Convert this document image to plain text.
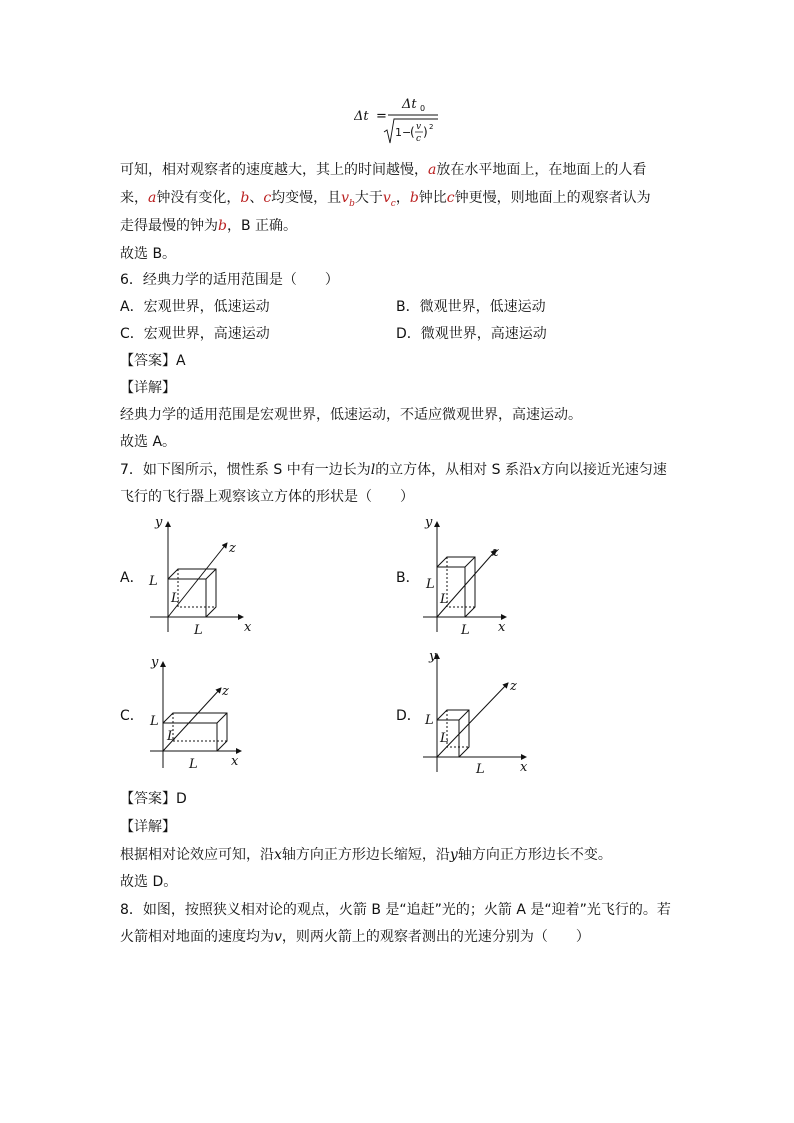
Δt =
Δt 0
1 −
( v
c ) 2
可知，相对观察者的速度越大，其上的时间越慢，a放在水平地面上，在地面上的人看
来，a钟没有变化，b、c均变慢，且$v_b$大于$v_c$，b钟比c钟更慢，则地面上的观察者认为
走得最慢的钟为b，B 正确。
故选 B。
6．经典力学的适用范围是（　　）
A．宏观世界，低速运动	B．微观世界，低速运动
C．宏观世界，高速运动	D．微观世界，高速运动
【答案】A
【详解】
经典力学的适用范围是宏观世界，低速运动，不适应微观世界，高速运动。
故选 A。
7．如下图所示，惯性系 S 中有一边长为l的立方体，从相对 S 系沿x方向以接近光速匀速
飞行的飞行器上观察该立方体的形状是（　　）
A．	B．
C．	D．
L
L
L
y
x
z
L
L
L
y
x
z
L
L
L
y
x
z
L
L
L
y
x
z
【答案】D
【详解】
根据相对论效应可知，沿x轴方向正方形边长缩短，沿y轴方向正方形边长不变。
故选 D。
8．如图，按照狭义相对论的观点，火箭 B 是“追赶”光的；火箭 A 是“迎着”光飞行的。若
火箭相对地面的速度均为v，则两火箭上的观察者测出的光速分别为（　　）
